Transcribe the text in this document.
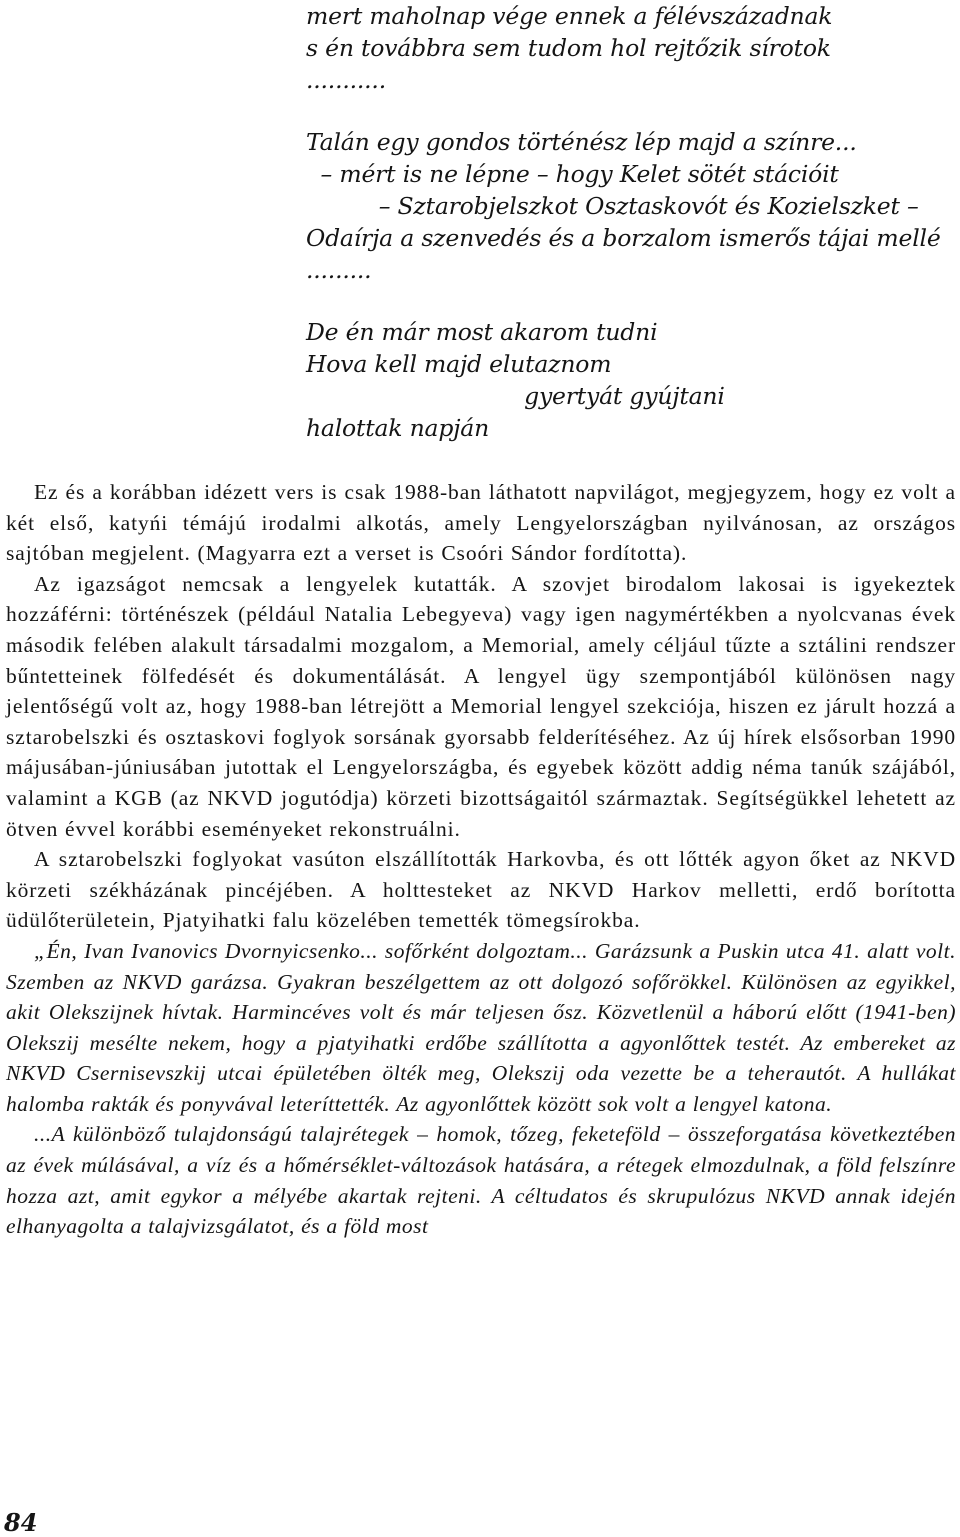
mert maholnap vége ennek a félévszázadnak
s én továbbra sem tudom hol rejtőzik sírotok
...........
Talán egy gondos történész lép majd a színre...
– mért is ne lépne – hogy Kelet sötét stációit
– Sztarobjelszkot Osztaskovót és Kozielszket –
Odaírja a szenvedés és a borzalom ismerős tájai mellé
.........
De én már most akarom tudni
Hova kell majd elutaznom
gyertyát gyújtani
halottak napján

Ez és a korábban idézett vers is csak 1988-ban láthatott napvilágot, megjegyzem, hogy ez volt a két első, katyńi témájú irodalmi alkotás, amely Lengyelországban nyilvánosan, az országos sajtóban megjelent. (Magyarra ezt a verset is Csoóri Sándor fordította).

Az igazságot nemcsak a lengyelek kutatták. A szovjet birodalom lakosai is igyekeztek hozzáférni: történészek (például Natalia Lebegyeva) vagy igen nagymértékben a nyolcvanas évek második felében alakult társadalmi mozgalom, a Memorial, amely céljául tűzte a sztálini rendszer bűntetteinek fölfedését és dokumentálását. A lengyel ügy szempontjából különösen nagy jelentőségű volt az, hogy 1988-ban létrejött a Memorial lengyel szekciója, hiszen ez járult hozzá a sztarobelszki és osztaskovi foglyok sorsának gyorsabb felderítéséhez. Az új hírek elsősorban 1990 májusában-júniusában jutottak el Lengyelországba, és egyebek között addig néma tanúk szájából, valamint a KGB (az NKVD jogutódja) körzeti bizottságaitól származtak. Segítségükkel lehetett az ötven évvel korábbi eseményeket rekonstruálni.

A sztarobelszki foglyokat vasúton elszállították Harkovba, és ott lőtték agyon őket az NKVD körzeti székházának pincéjében. A holttesteket az NKVD Harkov melletti, erdő borította üdülőterületein, Pjatyihatki falu közelében temették tömegsírokba.

„Én, Ivan Ivanovics Dvornyicsenko... sofőrként dolgoztam... Garázsunk a Puskin utca 41. alatt volt. Szemben az NKVD garázsa. Gyakran beszélgettem az ott dolgozó sofőrökkel. Különösen az egyikkel, akit Olekszijnek hívtak. Harmincéves volt és már teljesen ősz. Közvetlenül a háború előtt (1941-ben) Olekszij mesélte nekem, hogy a pjatyihatki erdőbe szállította a agyonlőttek testét. Az embereket az NKVD Csernisevszkij utcai épületében ölték meg, Olekszij oda vezette be a teherautót. A hullákat halomba rakták és ponyvával leteríttették. Az agyonlőttek között sok volt a lengyel katona.

...A különböző tulajdonságú talajrétegek – homok, tőzeg, feketeföld – összeforgatása következtében az évek múlásával, a víz és a hőmérséklet-változások hatására, a rétegek elmozdulnak, a föld felszínre hozza azt, amit egykor a mélyébe akartak rejteni. A céltudatos és skrupulózus NKVD annak idején elhanyagolta a talajvizsgálatot, és a föld most

84
